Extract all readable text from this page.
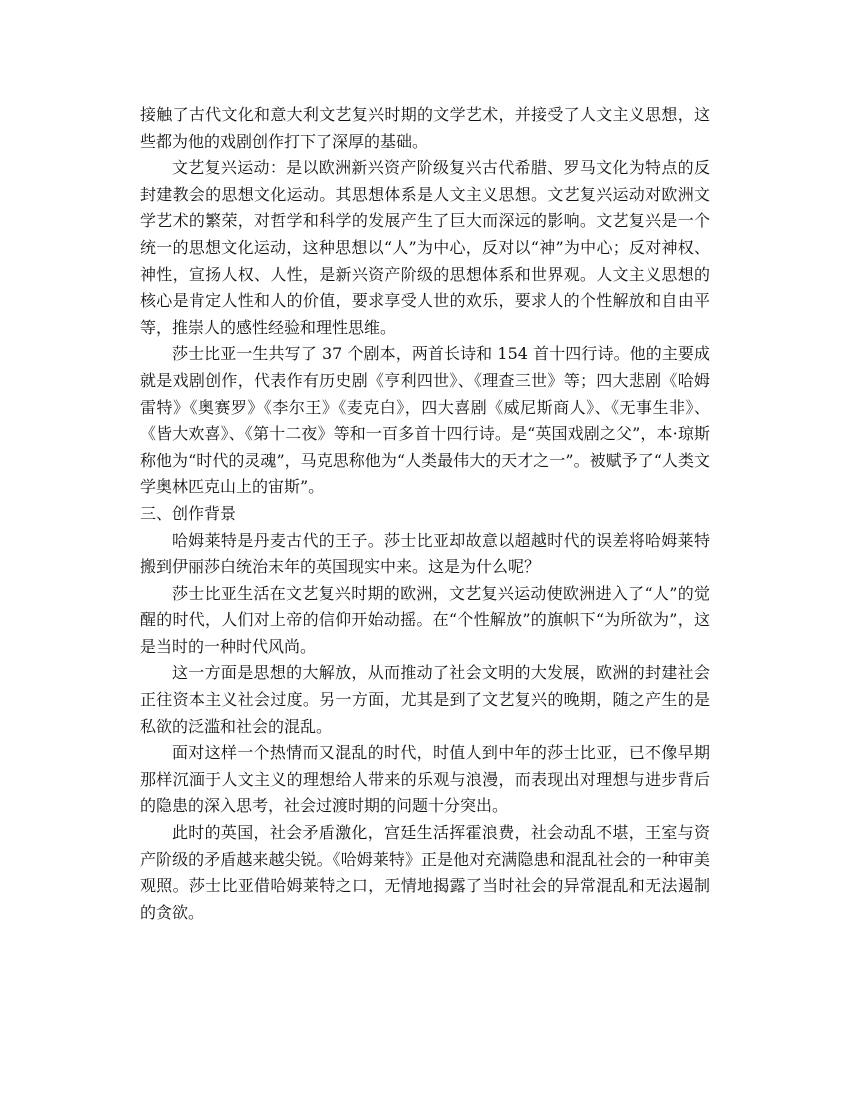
接触了古代文化和意大利文艺复兴时期的文学艺术，并接受了人文主义思想，这些都为他的戏剧创作打下了深厚的基础。

文艺复兴运动：是以欧洲新兴资产阶级复兴古代希腊、罗马文化为特点的反封建教会的思想文化运动。其思想体系是人文主义思想。文艺复兴运动对欧洲文学艺术的繁荣，对哲学和科学的发展产生了巨大而深远的影响。文艺复兴是一个统一的思想文化运动，这种思想以“人”为中心，反对以“神”为中心；反对神权、神性，宣扬人权、人性，是新兴资产阶级的思想体系和世界观。人文主义思想的核心是肯定人性和人的价值，要求享受人世的欢乐，要求人的个性解放和自由平等，推崇人的感性经验和理性思维。

莎士比亚一生共写了 37 个剧本，两首长诗和 154 首十四行诗。他的主要成就是戏剧创作，代表作有历史剧《亨利四世》、《理查三世》等；四大悲剧《哈姆雷特》《奥赛罗》《李尔王》《麦克白》，四大喜剧《威尼斯商人》、《无事生非》、《皆大欢喜》、《第十二夜》等和一百多首十四行诗。是“英国戏剧之父”，本·琼斯称他为“时代的灵魂”，马克思称他为“人类最伟大的天才之一”。被赋予了“人类文学奥林匹克山上的宙斯”。

三、创作背景

哈姆莱特是丹麦古代的王子。莎士比亚却故意以超越时代的误差将哈姆莱特搬到伊丽莎白统治末年的英国现实中来。这是为什么呢？

莎士比亚生活在文艺复兴时期的欧洲，文艺复兴运动使欧洲进入了“人”的觉醒的时代，人们对上帝的信仰开始动摇。在“个性解放”的旗帜下“为所欲为”，这是当时的一种时代风尚。

这一方面是思想的大解放，从而推动了社会文明的大发展，欧洲的封建社会正往资本主义社会过度。另一方面，尤其是到了文艺复兴的晚期，随之产生的是私欲的泛滥和社会的混乱。

面对这样一个热情而又混乱的时代，时值人到中年的莎士比亚，已不像早期那样沉湎于人文主义的理想给人带来的乐观与浪漫，而表现出对理想与进步背后的隐患的深入思考，社会过渡时期的问题十分突出。

此时的英国，社会矛盾激化，宫廷生活挥霍浪费，社会动乱不堪，王室与资产阶级的矛盾越来越尖锐。《哈姆莱特》正是他对充满隐患和混乱社会的一种审美观照。莎士比亚借哈姆莱特之口，无情地揭露了当时社会的异常混乱和无法遏制的贪欲。
